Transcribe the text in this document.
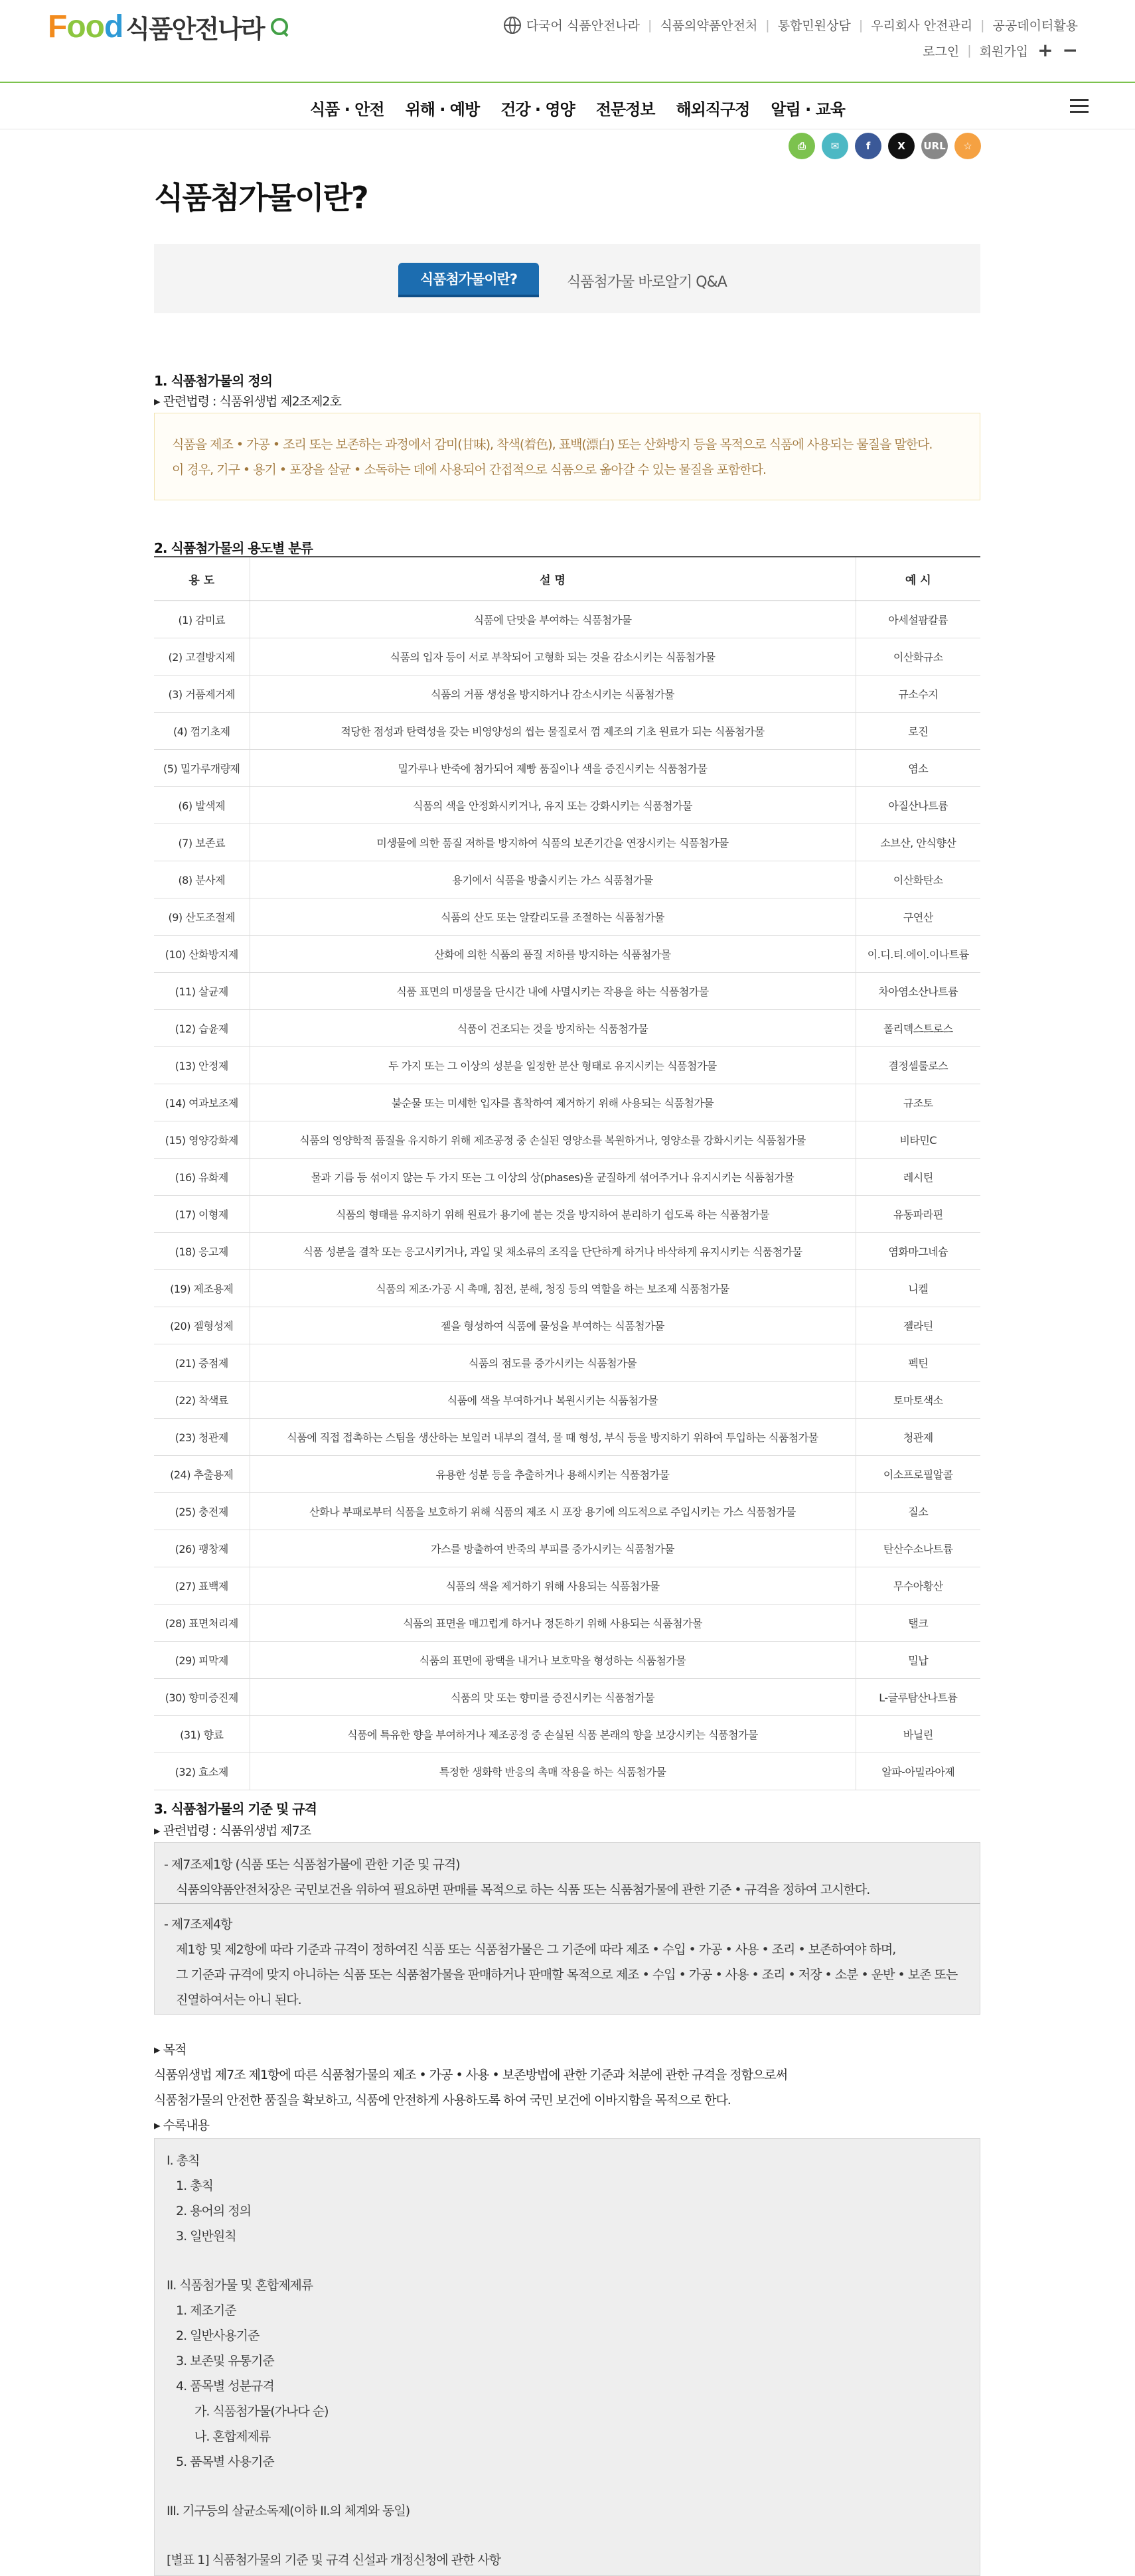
Food 식품안전나라	다국어 식품안전나라 | 식품의약품안전처 | 통합민원상담 | 우리회사 안전관리 | 공공데이터활용
로그인 | 회원가입 + −
식품 · 안전 위해 · 예방 건강 · 영양 전문정보 해외직구정 알림 · 교육
⎙	✉	f	X	URL	☆
식품첨가물이란?
식품첨가물이란?	식품첨가물 바로알기 Q&A
1. 식품첨가물의 정의
▸ 관련법령 : 식품위생법 제2조제2호
식품을 제조 • 가공 • 조리 또는 보존하는 과정에서 감미(甘味), 착색(着色), 표백(漂白) 또는 산화방지 등을 목적으로 식품에 사용되는 물질을 말한다.
이 경우, 기구 • 용기 • 포장을 살균 • 소독하는 데에 사용되어 간접적으로 식품으로 옮아갈 수 있는 물질을 포함한다.
2. 식품첨가물의 용도별 분류
용 도	설 명	예 시
(1) 감미료	식품에 단맛을 부여하는 식품첨가물	아세설팜칼륨
(2) 고결방지제	식품의 입자 등이 서로 부착되어 고형화 되는 것을 감소시키는 식품첨가물	이산화규소
(3) 거품제거제	식품의 거품 생성을 방지하거나 감소시키는 식품첨가물	규소수지
(4) 껌기초제	적당한 점성과 탄력성을 갖는 비영양성의 씹는 물질로서 껌 제조의 기초 원료가 되는 식품첨가물	로진
(5) 밀가루개량제	밀가루나 반죽에 첨가되어 제빵 품질이나 색을 증진시키는 식품첨가물	염소
(6) 발색제	식품의 색을 안정화시키거나, 유지 또는 강화시키는 식품첨가물	아질산나트륨
(7) 보존료	미생물에 의한 품질 저하를 방지하여 식품의 보존기간을 연장시키는 식품첨가물	소브산, 안식향산
(8) 분사제	용기에서 식품을 방출시키는 가스 식품첨가물	이산화탄소
(9) 산도조절제	식품의 산도 또는 알칼리도를 조절하는 식품첨가물	구연산
(10) 산화방지제	산화에 의한 식품의 품질 저하를 방지하는 식품첨가물	이.디.티.에이.이나트륨
(11) 살균제	식품 표면의 미생물을 단시간 내에 사멸시키는 작용을 하는 식품첨가물	차아염소산나트륨
(12) 습윤제	식품이 건조되는 것을 방지하는 식품첨가물	폴리덱스트로스
(13) 안정제	두 가지 또는 그 이상의 성분을 일정한 분산 형태로 유지시키는 식품첨가물	결정셀룰로스
(14) 여과보조제	불순물 또는 미세한 입자를 흡착하여 제거하기 위해 사용되는 식품첨가물	규조토
(15) 영양강화제	식품의 영양학적 품질을 유지하기 위해 제조공정 중 손실된 영양소를 복원하거나, 영양소를 강화시키는 식품첨가물	비타민C
(16) 유화제	물과 기름 등 섞이지 않는 두 가지 또는 그 이상의 상(phases)을 균질하게 섞어주거나 유지시키는 식품첨가물	레시틴
(17) 이형제	식품의 형태를 유지하기 위해 원료가 용기에 붙는 것을 방지하여 분리하기 쉽도록 하는 식품첨가물	유동파라핀
(18) 응고제	식품 성분을 결착 또는 응고시키거나, 과일 및 채소류의 조직을 단단하게 하거나 바삭하게 유지시키는 식품첨가물	염화마그네슘
(19) 제조용제	식품의 제조·가공 시 촉매, 침전, 분해, 청징 등의 역할을 하는 보조제 식품첨가물	니켈
(20) 젤형성제	젤을 형성하여 식품에 물성을 부여하는 식품첨가물	젤라틴
(21) 증점제	식품의 점도를 증가시키는 식품첨가물	펙틴
(22) 착색료	식품에 색을 부여하거나 복원시키는 식품첨가물	토마토색소
(23) 청관제	식품에 직접 접촉하는 스팀을 생산하는 보일러 내부의 결석, 물 때 형성, 부식 등을 방지하기 위하여 투입하는 식품첨가물	청관제
(24) 추출용제	유용한 성분 등을 추출하거나 용해시키는 식품첨가물	이소프로필알콜
(25) 충전제	산화나 부패로부터 식품을 보호하기 위해 식품의 제조 시 포장 용기에 의도적으로 주입시키는 가스 식품첨가물	질소
(26) 팽창제	가스를 방출하여 반죽의 부피를 증가시키는 식품첨가물	탄산수소나트륨
(27) 표백제	식품의 색을 제거하기 위해 사용되는 식품첨가물	무수아황산
(28) 표면처리제	식품의 표면을 매끄럽게 하거나 정돈하기 위해 사용되는 식품첨가물	탤크
(29) 피막제	식품의 표면에 광택을 내거나 보호막을 형성하는 식품첨가물	밀납
(30) 향미증진제	식품의 맛 또는 향미를 증진시키는 식품첨가물	L-글루탐산나트륨
(31) 향료	식품에 특유한 향을 부여하거나 제조공정 중 손실된 식품 본래의 향을 보강시키는 식품첨가물	바닐린
(32) 효소제	특정한 생화학 반응의 촉매 작용을 하는 식품첨가물	알파-아밀라아제
3. 식품첨가물의 기준 및 규격
▸ 관련법령 : 식품위생법 제7조
- 제7조제1항 (식품 또는 식품첨가물에 관한 기준 및 규격)
식품의약품안전처장은 국민보건을 위하여 필요하면 판매를 목적으로 하는 식품 또는 식품첨가물에 관한 기준 • 규격을 정하여 고시한다.
- 제7조제4항
제1항 및 제2항에 따라 기준과 규격이 정하여진 식품 또는 식품첨가물은 그 기준에 따라 제조 • 수입 • 가공 • 사용 • 조리 • 보존하여야 하며,
그 기준과 규격에 맞지 아니하는 식품 또는 식품첨가물을 판매하거나 판매할 목적으로 제조 • 수입 • 가공 • 사용 • 조리 • 저장 • 소분 • 운반 • 보존 또는
진열하여서는 아니 된다.
▸ 목적
식품위생법 제7조 제1항에 따른 식품첨가물의 제조 • 가공 • 사용 • 보존방법에 관한 기준과 처분에 관한 규격을 정함으로써
식품첨가물의 안전한 품질을 확보하고, 식품에 안전하게 사용하도록 하여 국민 보건에 이바지함을 목적으로 한다.
▸ 수록내용
I. 총칙
1. 총칙
2. 용어의 정의
3. 일반원칙
II. 식품첨가물 및 혼합제제류
1. 제조기준
2. 일반사용기준
3. 보존및 유통기준
4. 품목별 성분규격
가. 식품첨가물(가나다 순)
나. 혼합제제류
5. 품목별 사용기준
III. 기구등의 살균소독제(이하 II.의 체계와 동일)
[별표 1] 식품첨가물의 기준 및 규격 신설과 개정신청에 관한 사항
